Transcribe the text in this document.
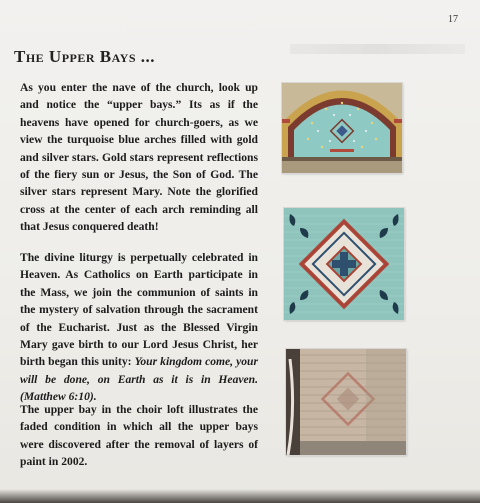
17
The Upper Bays ...

As you enter the nave of the church, look up and notice the “upper bays.” Its as if the heavens have opened for church-goers, as we view the turquoise blue arches filled with gold and silver stars. Gold stars represent reflections of the fiery sun or Jesus, the Son of God. The silver stars represent Mary. Note the glorified cross at the center of each arch reminding all that Jesus conquered death!

The divine liturgy is perpetually celebrated in Heaven. As Catholics on Earth participate in the Mass, we join the communion of saints in the mystery of salvation through the sacrament of the Eucharist. Just as the Blessed Virgin Mary gave birth to our Lord Jesus Christ, her birth began this unity: Your kingdom come, your will be done, on Earth as it is in Heaven. (Matthew 6:10).

The upper bay in the choir loft illustrates the faded condition in which all the upper bays were discovered after the removal of layers of paint in 2002.
